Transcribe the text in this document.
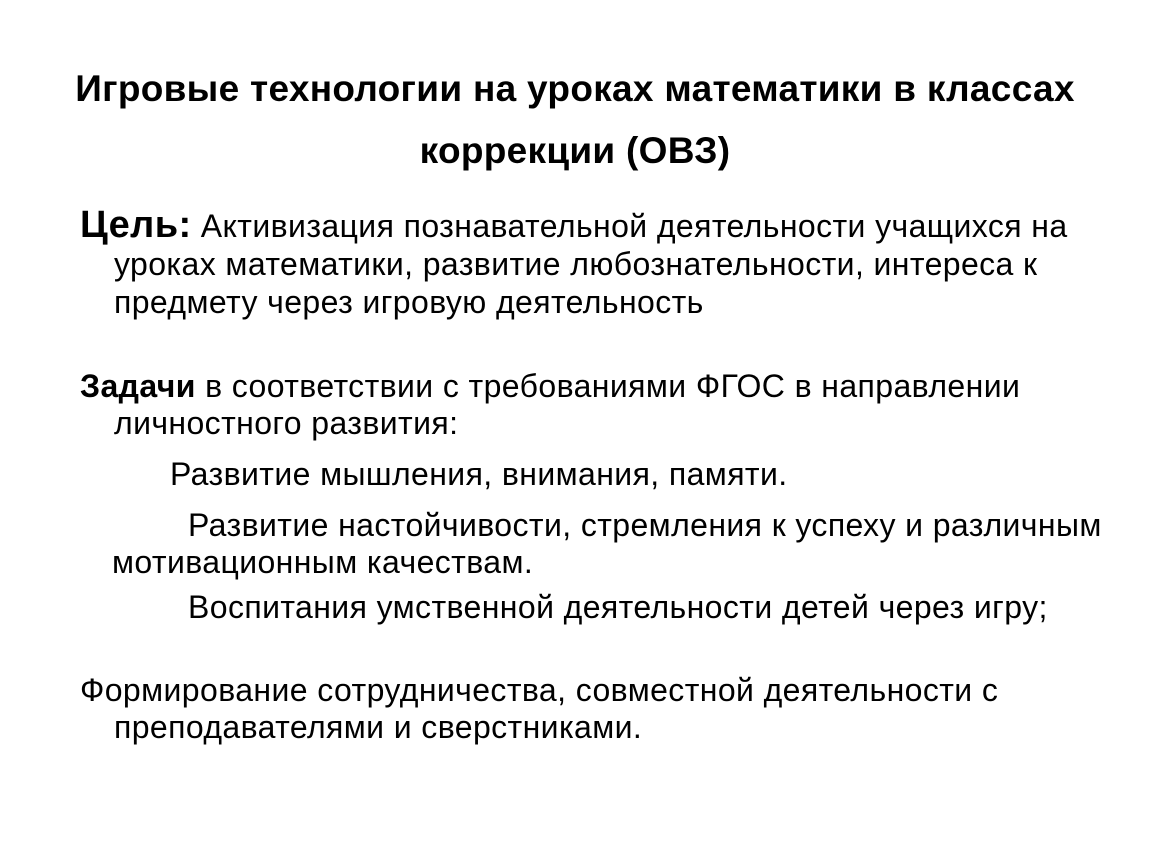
Игровые технологии на уроках математики в классах коррекции (ОВЗ)
Цель: Активизация познавательной деятельности учащихся на уроках математики, развитие любознательности, интереса к предмету через игровую деятельность
Задачи в соответствии с требованиями ФГОС в направлении личностного развития:
Развитие мышления, внимания, памяти.
Развитие настойчивости, стремления к успеху и различным мотивационным качествам.
Воспитания умственной деятельности детей через игру;
Формирование сотрудничества, совместной деятельности с преподавателями и сверстниками.
